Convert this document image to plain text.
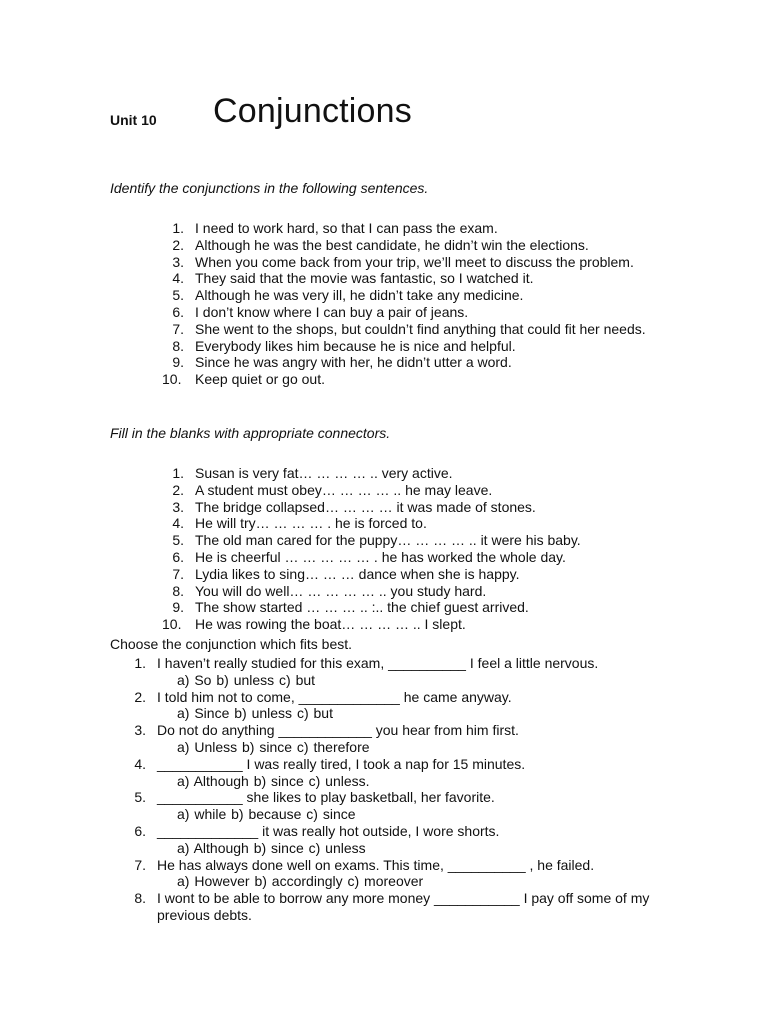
Unit 10 Conjunctions
Identify the conjunctions in the following sentences.
1. I need to work hard, so that I can pass the exam.
2. Although he was the best candidate, he didn’t win the elections.
3. When you come back from your trip, we’ll meet to discuss the problem.
4. They said that the movie was fantastic, so I watched it.
5. Although he was very ill, he didn’t take any medicine.
6. I don’t know where I can buy a pair of jeans.
7. She went to the shops, but couldn’t find anything that could fit her needs.
8. Everybody likes him because he is nice and helpful.
9. Since he was angry with her, he didn’t utter a word.
10. Keep quiet or go out.
Fill in the blanks with appropriate connectors.
1. Susan is very fat… … … … .. very active.
2. A student must obey… … … … .. he may leave.
3. The bridge collapsed… … … … it was made of stones.
4. He will try… … … … . he is forced to.
5. The old man cared for the puppy… … … … .. it were his baby.
6. He is cheerful … … … … … . he has worked the whole day.
7. Lydia likes to sing… … … dance when she is happy.
8. You will do well… … … … … .. you study hard.
9. The show started … … … .. :.. the chief guest arrived.
10. He was rowing the boat… … … … .. I slept.
Choose the conjunction which fits best.
1. I haven’t really studied for this exam, __________ I feel a little nervous.
a) So b) unless c) but
2. I told him not to come, _____________ he came anyway.
a) Since b) unless c) but
3. Do not do anything ____________ you hear from him first.
a) Unless b) since c) therefore
4. ___________ I was really tired, I took a nap for 15 minutes.
a) Although b) since c) unless.
5. ___________ she likes to play basketball, her favorite.
a) while b) because c) since
6. _____________ it was really hot outside, I wore shorts.
a) Although b) since c) unless
7. He has always done well on exams. This time, __________ , he failed.
a) However b) accordingly c) moreover
8. I wont to be able to borrow any more money ___________ I pay off some of my previous debts.
